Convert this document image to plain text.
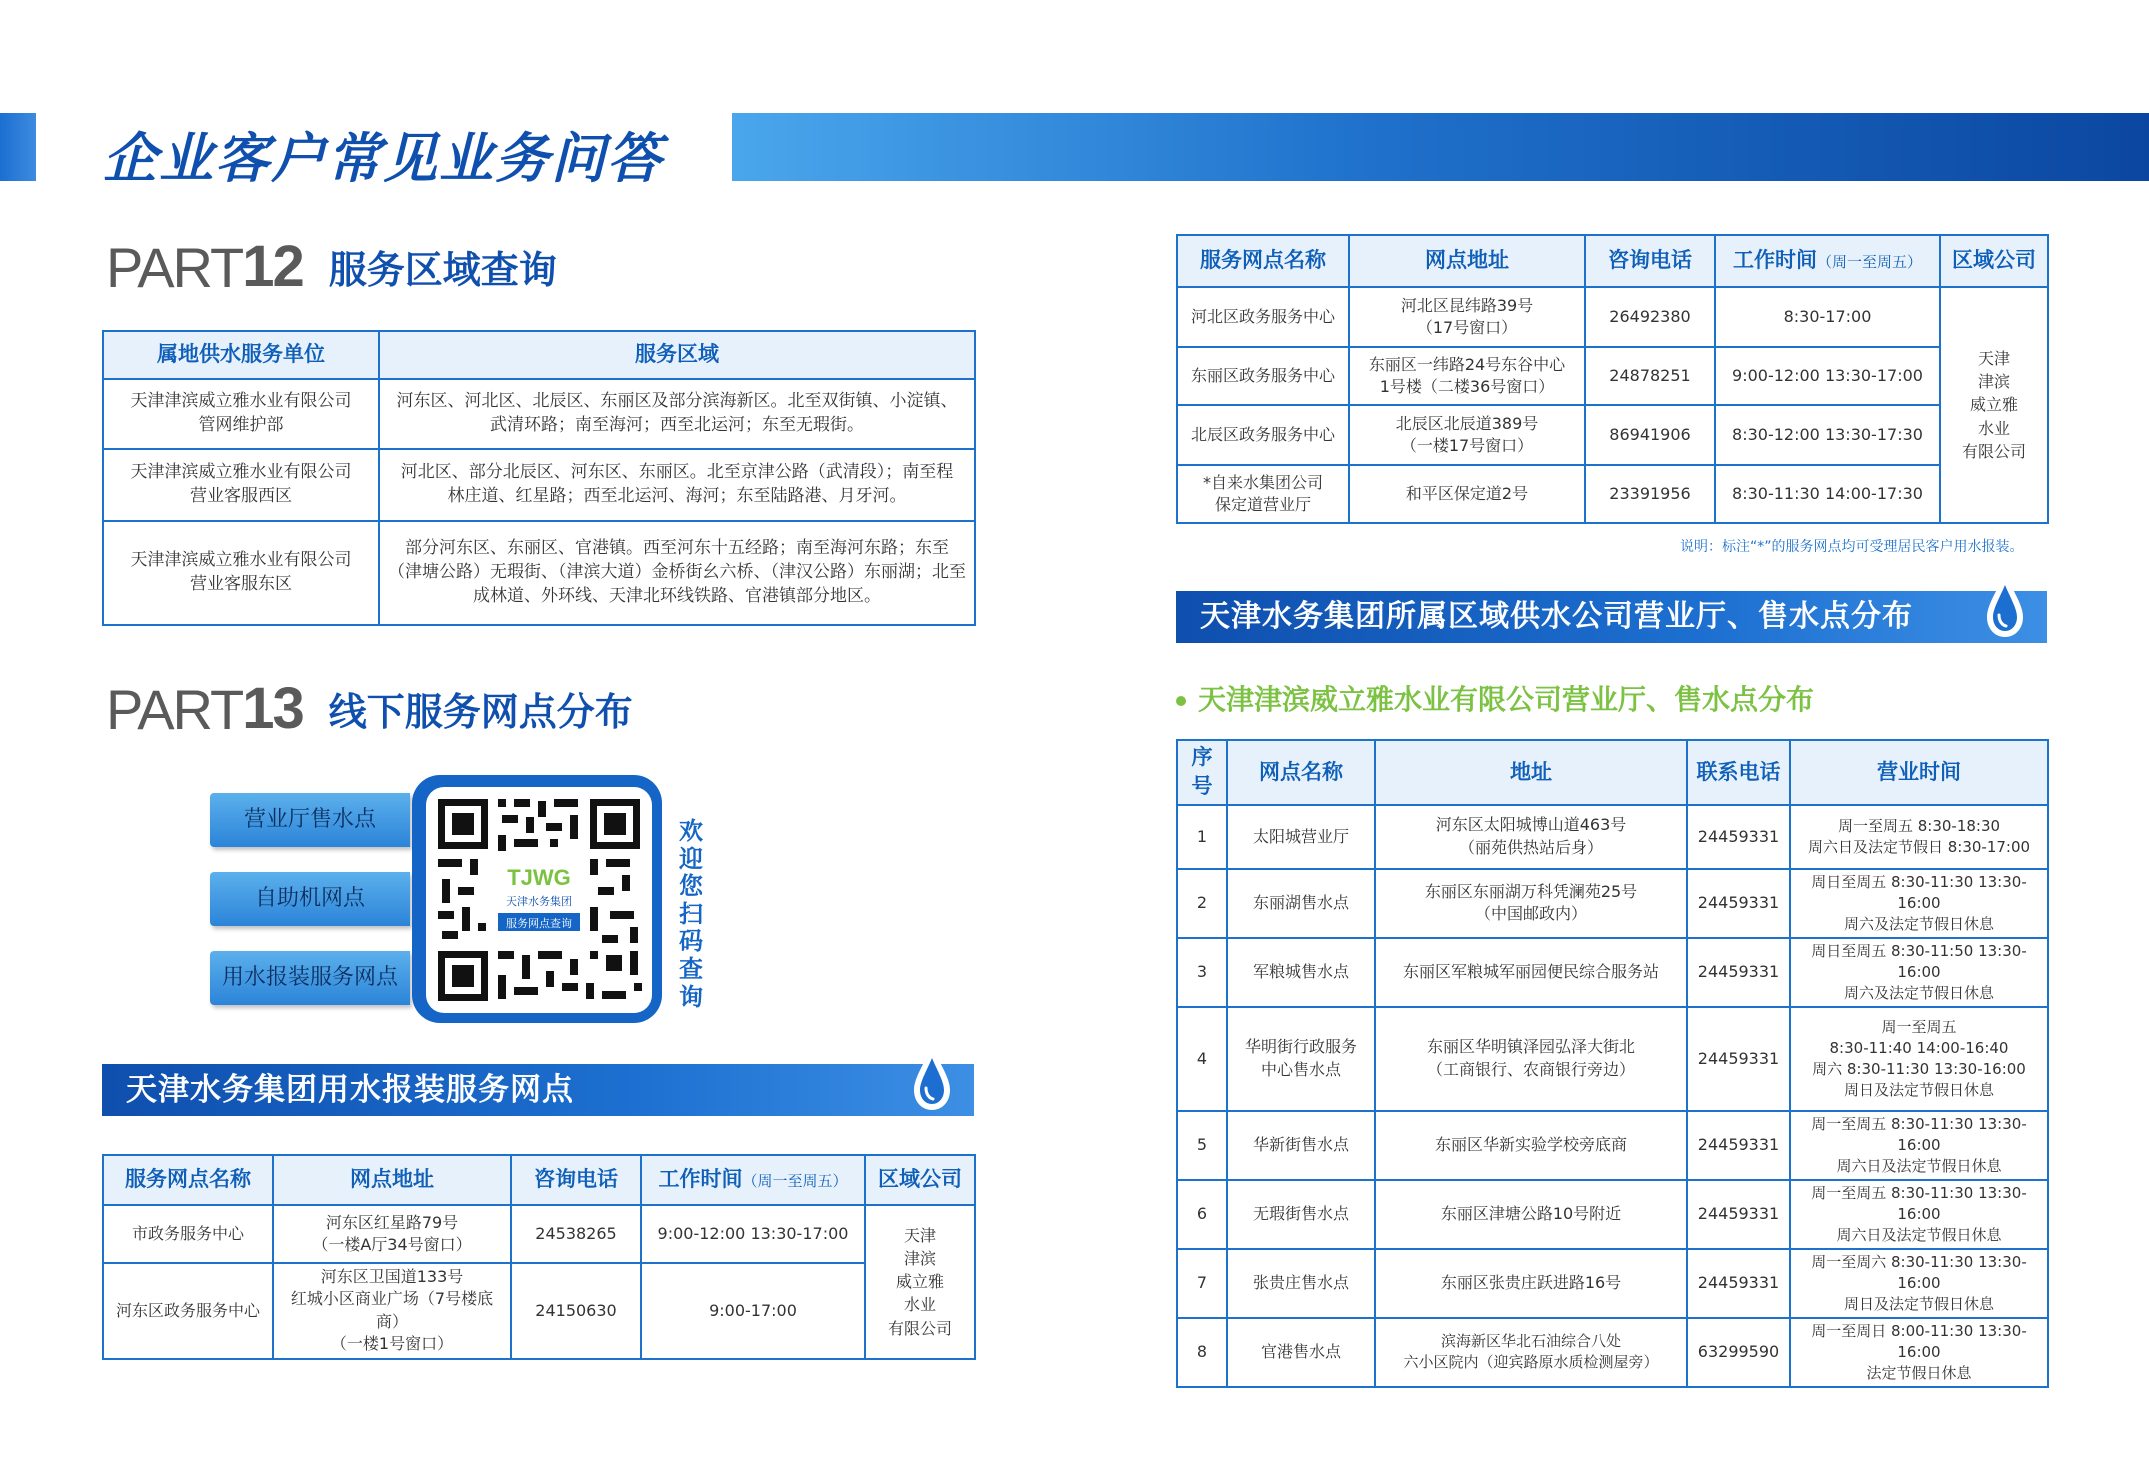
企业客户常见业务问答
PART 12 服务区域查询
属地供水服务单位	服务区域
天津津滨威立雅水业有限公司
管网维护部	河东区、河北区、北辰区、东丽区及部分滨海新区。北至双街镇、小淀镇、
武清环路；南至海河；西至北运河；东至无瑕街。
天津津滨威立雅水业有限公司
营业客服西区	河北区、部分北辰区、河东区、东丽区。北至京津公路（武清段）；南至程
林庄道、红星路；西至北运河、海河；东至陆路港、月牙河。
天津津滨威立雅水业有限公司
营业客服东区	部分河东区、东丽区、官港镇。西至河东十五经路；南至海河东路；东至
（津塘公路）无瑕街、（津滨大道）金桥街幺六桥、（津汉公路）东丽湖；北至
成林道、外环线、天津北环线铁路、官港镇部分地区。
PART 13 线下服务网点分布
营业厅售水点
自助机网点
用水报装服务网点
TJWG
天津水务集团
服务网点查询
欢迎您扫码查询
天津水务集团用水报装服务网点
服务网点名称	网点地址	咨询电话	工作时间（周一至周五）	区域公司
市政务服务中心	河东区红星路79号
（一楼A厅34号窗口）	24538265	9:00-12:00 13:30-17:00	天津
津滨
威立雅
水业
有限公司
河东区政务服务中心	河东区卫国道133号
红城小区商业广场（7号楼底商）
（一楼1号窗口）	24150630	9:00-17:00	
服务网点名称	网点地址	咨询电话	工作时间（周一至周五）	区域公司
河北区政务服务中心	河北区昆纬路39号
（17号窗口）	26492380	8:30-17:00	天津
津滨
威立雅
水业
有限公司
东丽区政务服务中心	东丽区一纬路24号东谷中心
1号楼（二楼36号窗口）	24878251	9:00-12:00 13:30-17:00	
北辰区政务服务中心	北辰区北辰道389号
（一楼17号窗口）	86941906	8:30-12:00 13:30-17:30	
*自来水集团公司
保定道营业厅	和平区保定道2号	23391956	8:30-11:30 14:00-17:30	
说明：标注“*”的服务网点均可受理居民客户用水报装。
天津水务集团所属区域供水公司营业厅、售水点分布
天津津滨威立雅水业有限公司营业厅、售水点分布
序号	网点名称	地址	联系电话	营业时间
1	太阳城营业厅	河东区太阳城博山道463号
（丽苑供热站后身）	24459331	周一至周五 8:30-18:30
周六日及法定节假日 8:30-17:00
2	东丽湖售水点	东丽区东丽湖万科凭澜苑25号
（中国邮政内）	24459331	周日至周五 8:30-11:30 13:30-16:00
周六及法定节假日休息
3	军粮城售水点	东丽区军粮城军丽园便民综合服务站	24459331	周日至周五 8:30-11:50 13:30-16:00
周六及法定节假日休息
4	华明街行政服务
中心售水点	东丽区华明镇泽园弘泽大街北
（工商银行、农商银行旁边）	24459331	周一至周五
8:30-11:40 14:00-16:40
周六 8:30-11:30 13:30-16:00
周日及法定节假日休息
5	华新街售水点	东丽区华新实验学校旁底商	24459331	周一至周五 8:30-11:30 13:30-16:00
周六日及法定节假日休息
6	无瑕街售水点	东丽区津塘公路10号附近	24459331	周一至周五 8:30-11:30 13:30-16:00
周六日及法定节假日休息
7	张贵庄售水点	东丽区张贵庄跃进路16号	24459331	周一至周六 8:30-11:30 13:30-16:00
周日及法定节假日休息
8	官港售水点	滨海新区华北石油综合八处
六小区院内（迎宾路原水质检测屋旁）	63299590	周一至周日 8:00-11:30 13:30-16:00
法定节假日休息
